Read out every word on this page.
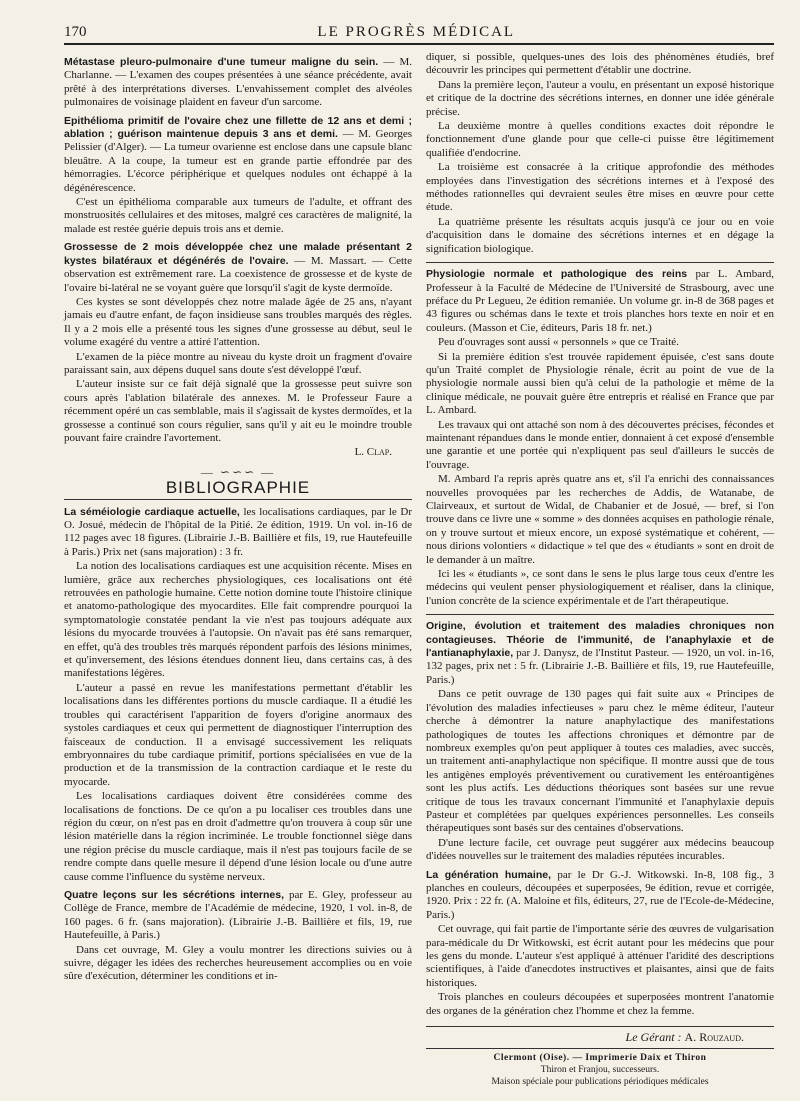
170	LE PROGRÈS MÉDICAL

Métastase pleuro-pulmonaire d'une tumeur maligne du sein. — M. Charlanne. — L'examen des coupes présentées à une séance précédente, avait prêté à des interprétations diverses. L'envahissement complet des alvéoles pulmonaires de voisinage plaident en faveur d'un sarcome.

Epithélioma primitif de l'ovaire chez une fillette de 12 ans et demi ; ablation ; guérison maintenue depuis 3 ans et demi. — M. Georges Pelissier (d'Alger). — La tumeur ovarienne est enclose dans une capsule blanc bleuâtre. A la coupe, la tumeur est en grande partie effondrée par des hémorragies. L'écorce périphérique et quelques nodules ont échappé à la dégénérescence.

C'est un épithélioma comparable aux tumeurs de l'adulte, et offrant des monstruosités cellulaires et des mitoses, malgré ces caractères de malignité, la malade est restée guérie depuis trois ans et demie.

Grossesse de 2 mois développée chez une malade présentant 2 kystes bilatéraux et dégénérés de l'ovaire. — M. Massart. — Cette observation est extrêmement rare. La coexistence de grossesse et de kyste de l'ovaire bi-latéral ne se voyant guère que lorsqu'il s'agit de kyste dermoïde.

Ces kystes se sont développés chez notre malade âgée de 25 ans, n'ayant jamais eu d'autre enfant, de façon insidieuse sans troubles marqués des règles. Il y a 2 mois elle a présenté tous les signes d'une grossesse au début, seul le volume exagéré du ventre a attiré l'attention.

L'examen de la pièce montre au niveau du kyste droit un fragment d'ovaire paraissant sain, aux dépens duquel sans doute s'est développé l'œuf.

L'auteur insiste sur ce fait déjà signalé que la grossesse peut suivre son cours après l'ablation bilatérale des annexes. M. le Professeur Faure a récemment opéré un cas semblable, mais il s'agissait de kystes dermoïdes, et la grossesse a continué son cours régulier, sans qu'il y ait eu le moindre trouble pouvant faire craindre l'avortement.

L. Clap.

— ∽∽∽ —
BIBLIOGRAPHIE

La séméiologie cardiaque actuelle, les localisations cardiaques, par le Dr O. Josué, médecin de l'hôpital de la Pitié. 2e édition, 1919. Un vol. in-16 de 112 pages avec 18 figures. (Librairie J.-B. Baillière et fils, 19, rue Hautefeuille à Paris.) Prix net (sans majoration) : 3 fr.

La notion des localisations cardiaques est une acquisition récente. Mises en lumière, grâce aux recherches physiologiques, ces localisations ont été retrouvées en pathologie humaine. Cette notion domine toute l'histoire clinique et anatomo-pathologique des myocardites. Elle fait comprendre pourquoi la symptomatologie constatée pendant la vie n'est pas toujours adéquate aux lésions du myocarde trouvées à l'autopsie. On n'avait pas été sans remarquer, en effet, qu'à des troubles très marqués répondent parfois des lésions minimes, et qu'inversement, des lésions étendues donnent lieu, dans certains cas, à des manifestations légères.

L'auteur a passé en revue les manifestations permettant d'établir les localisations dans les différentes portions du muscle cardiaque. Il a étudié les troubles qui caractérisent l'apparition de foyers d'origine anormaux des systoles cardiaques et ceux qui permettent de diagnostiquer l'interruption des faisceaux de conduction. Il a envisagé successivement les reliquats embryonnaires du tube cardiaque primitif, portions spécialisées en vue de la production et de la transmission de la contraction cardiaque et le reste du myocarde.

Les localisations cardiaques doivent être considérées comme des localisations de fonctions. De ce qu'on a pu localiser ces troubles dans une région du cœur, on n'est pas en droit d'admettre qu'on trouvera à coup sûr une lésion matérielle dans la région incriminée. Le trouble fonctionnel siège dans une région précise du muscle cardiaque, mais il n'est pas toujours facile de se rendre compte dans quelle mesure il dépend d'une lésion locale ou d'une autre cause comme l'influence du système nerveux.

Quatre leçons sur les sécrétions internes, par E. Gley, professeur au Collège de France, membre de l'Académie de médecine, 1920, 1 vol. in-8, de 160 pages. 6 fr. (sans majoration). (Librairie J.-B. Baillière et fils, 19, rue Hautefeuille, à Paris.)

Dans cet ouvrage, M. Gley a voulu montrer les directions suivies ou à suivre, dégager les idées des recherches heureusement accomplies ou en voie sûre d'exécution, déterminer les conditions et in-

diquer, si possible, quelques-unes des lois des phénomènes étudiés, bref découvrir les principes qui permettent d'établir une doctrine.

Dans la première leçon, l'auteur a voulu, en présentant un exposé historique et critique de la doctrine des sécrétions internes, en donner une idée générale précise.

La deuxième montre à quelles conditions exactes doit répondre le fonctionnement d'une glande pour que celle-ci puisse être légitimement qualifiée d'endocrine.

La troisième est consacrée à la critique approfondie des méthodes employées dans l'investigation des sécrétions internes et à l'exposé des méthodes rationnelles qui devraient seules être mises en œuvre pour cette étude.

La quatrième présente les résultats acquis jusqu'à ce jour ou en voie d'acquisition dans le domaine des sécrétions internes et en dégage la signification biologique.

Physiologie normale et pathologique des reins par L. Ambard, Professeur à la Faculté de Médecine de l'Université de Strasbourg, avec une préface du Pr Legueu, 2e édition remaniée. Un volume gr. in-8 de 368 pages et 43 figures ou schémas dans le texte et trois planches hors texte en noir et en couleurs. (Masson et Cie, éditeurs, Paris 18 fr. net.)

Peu d'ouvrages sont aussi « personnels » que ce Traité.

Si la première édition s'est trouvée rapidement épuisée, c'est sans doute qu'un Traité complet de Physiologie rénale, écrit au point de vue de la physiologie normale aussi bien qu'à celui de la pathologie et même de la clinique médicale, ne pouvait guère être entrepris et réalisé en France que par L. Ambard.

Les travaux qui ont attaché son nom à des découvertes précises, fécondes et maintenant répandues dans le monde entier, donnaient à cet exposé d'ensemble une garantie et une portée qui n'expliquent pas seul d'ailleurs le succès de l'ouvrage.

M. Ambard l'a repris après quatre ans et, s'il l'a enrichi des connaissances nouvelles provoquées par les recherches de Addis, de Watanabe, de Clairveaux, et surtout de Widal, de Chabanier et de Josué, — bref, si l'on trouve dans ce livre une « somme » des données acquises en pathologie rénale, on y trouve surtout et mieux encore, un exposé systématique et cohérent, — nous dirions volontiers « didactique » tel que des « étudiants » sont en droit de le demander à un maître.

Ici les « étudiants », ce sont dans le sens le plus large tous ceux d'entre les médecins qui veulent penser physiologiquement et réaliser, dans la clinique, l'union concrète de la science expérimentale et de l'art thérapeutique.

Origine, évolution et traitement des maladies chroniques non contagieuses. Théorie de l'immunité, de l'anaphylaxie et de l'antianaphylaxie, par J. Danysz, de l'Institut Pasteur. — 1920, un vol. in-16, 132 pages, prix net : 5 fr. (Librairie J.-B. Baillière et fils, 19, rue Hautefeuille, Paris.)

Dans ce petit ouvrage de 130 pages qui fait suite aux « Principes de l'évolution des maladies infectieuses » paru chez le même éditeur, l'auteur cherche à démontrer la nature anaphylactique des manifestations pathologiques de toutes les affections chroniques et démontre par de nombreux exemples qu'on peut appliquer à toutes ces maladies, avec succès, un traitement anti-anaphylactique non spécifique. Il montre aussi que de tous les antigènes employés préventivement ou curativement les entéroantigènes sont les plus actifs. Les déductions théoriques sont basées sur une revue critique de tous les travaux concernant l'immunité et l'anaphylaxie depuis Pasteur et complétées par quelques expériences personnelles. Les conseils thérapeutiques sont basés sur des centaines d'observations.

D'une lecture facile, cet ouvrage peut suggérer aux médecins beaucoup d'idées nouvelles sur le traitement des maladies réputées incurables.

La génération humaine, par le Dr G.-J. Witkowski. In-8, 108 fig., 3 planches en couleurs, découpées et superposées, 9e édition, revue et corrigée, 1920. Prix : 22 fr. (A. Maloine et fils, éditeurs, 27, rue de l'Ecole-de-Médecine, Paris.)

Cet ouvrage, qui fait partie de l'importante série des œuvres de vulgarisation para-médicale du Dr Witkowski, est écrit autant pour les médecins que pour les gens du monde. L'auteur s'est appliqué à atténuer l'aridité des descriptions scientifiques, à l'aide d'anecdotes instructives et plaisantes, ainsi que de faits historiques.

Trois planches en couleurs découpées et superposées montrent l'anatomie des organes de la génération chez l'homme et chez la femme.

Le Gérant : A. Rouzaud.
Clermont (Oise). — Imprimerie Daix et Thiron
Thiron et Franjou, successeurs.
Maison spéciale pour publications périodiques médicales
